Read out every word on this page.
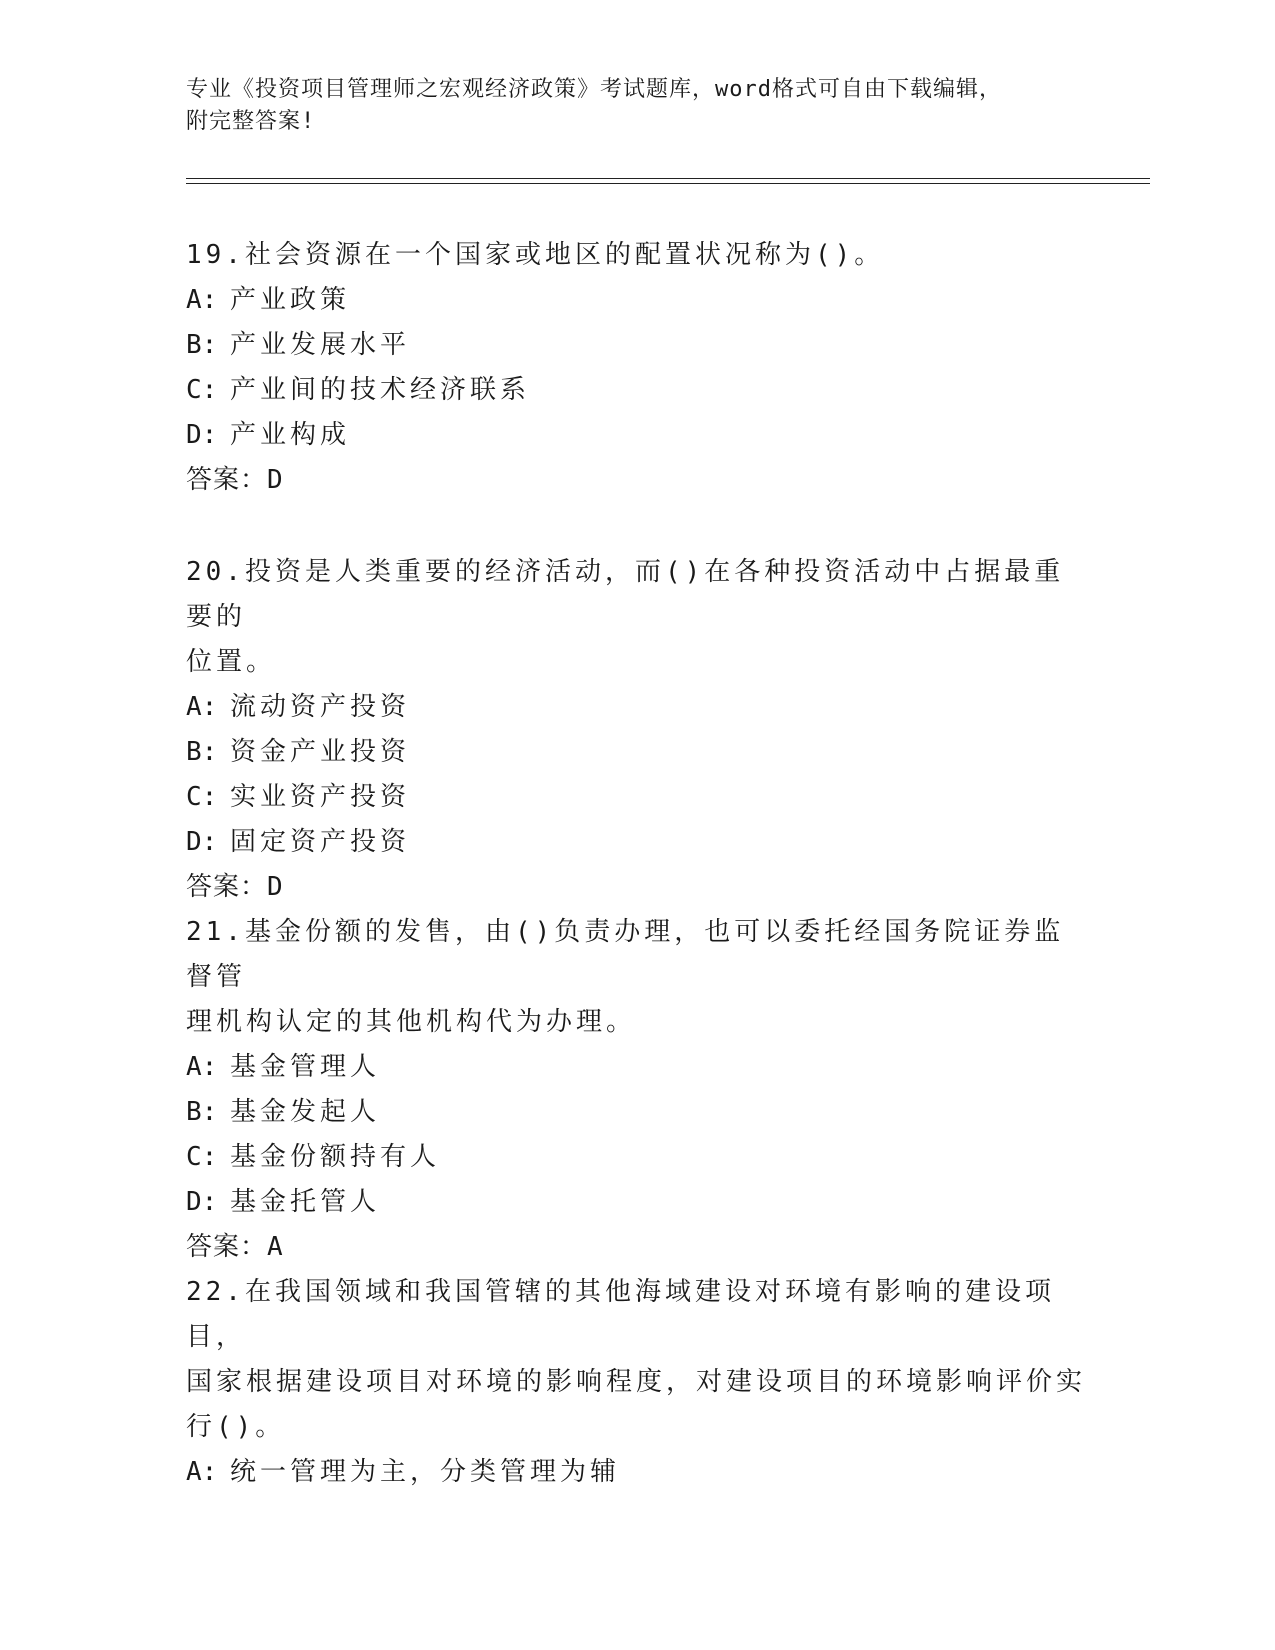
专业《投资项目管理师之宏观经济政策》考试题库，word格式可自由下载编辑，
附完整答案!

19.社会资源在一个国家或地区的配置状况称为()。

A: 产业政策

B: 产业发展水平

C: 产业间的技术经济联系

D: 产业构成

答案：D

20.投资是人类重要的经济活动，而()在各种投资活动中占据最重要的
位置。

A: 流动资产投资

B: 资金产业投资

C: 实业资产投资

D: 固定资产投资

答案：D

21.基金份额的发售，由()负责办理，也可以委托经国务院证券监督管
理机构认定的其他机构代为办理。

A: 基金管理人

B: 基金发起人

C: 基金份额持有人

D: 基金托管人

答案：A

22.在我国领域和我国管辖的其他海域建设对环境有影响的建设项目，
国家根据建设项目对环境的影响程度，对建设项目的环境影响评价实
行()。

A: 统一管理为主，分类管理为辅
